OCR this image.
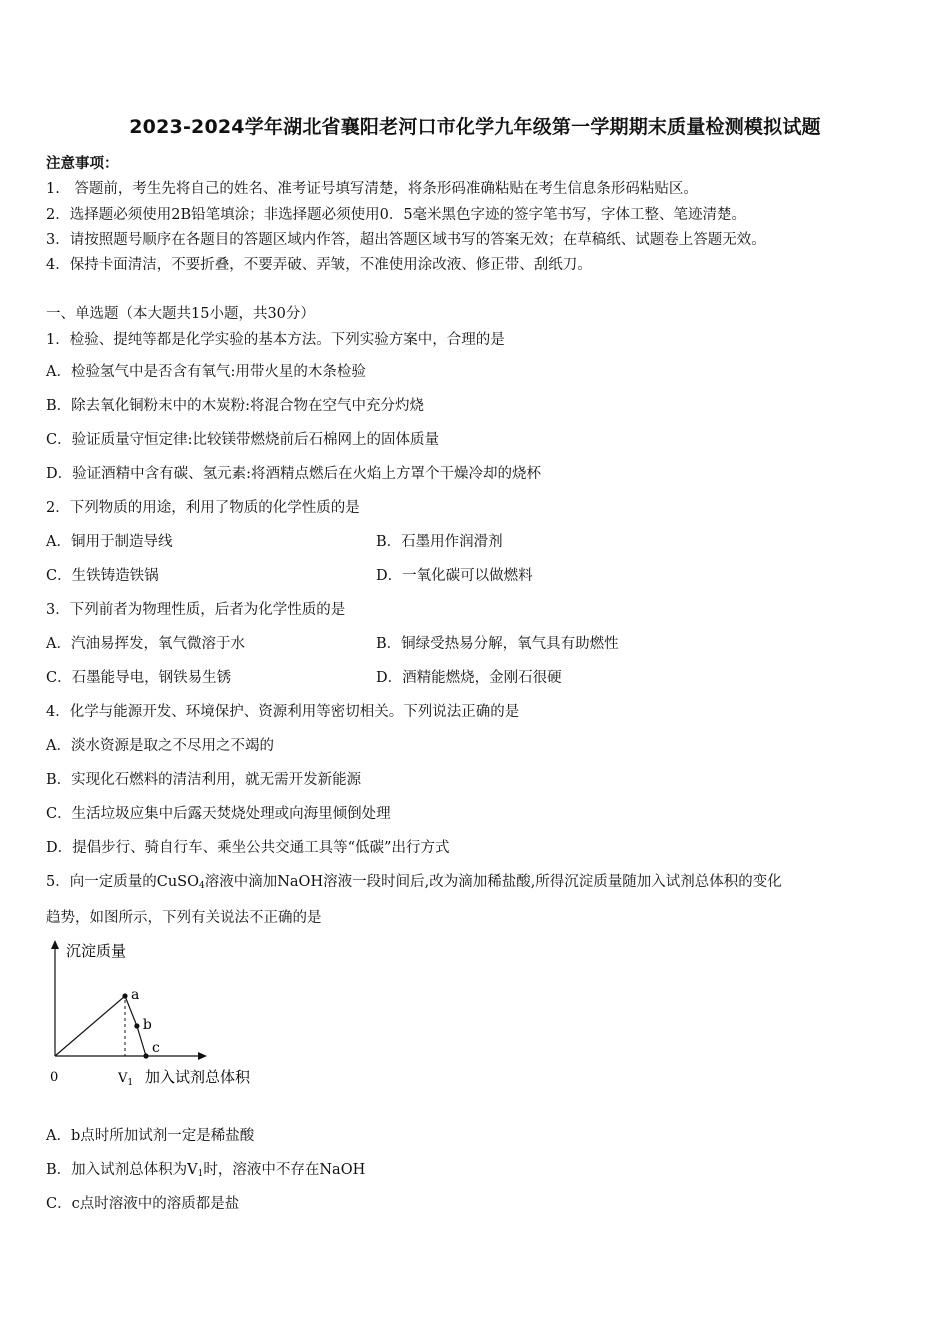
2023-2024学年湖北省襄阳老河口市化学九年级第一学期期末质量检测模拟试题
注意事项：
1.　答题前，考生先将自己的姓名、准考证号填写清楚，将条形码准确粘贴在考生信息条形码粘贴区。
2．选择题必须使用2B铅笔填涂；非选择题必须使用0．5毫米黑色字迹的签字笔书写，字体工整、笔迹清楚。
3．请按照题号顺序在各题目的答题区域内作答，超出答题区域书写的答案无效；在草稿纸、试题卷上答题无效。
4．保持卡面清洁，不要折叠，不要弄破、弄皱，不准使用涂改液、修正带、刮纸刀。
一、单选题（本大题共15小题，共30分）
1．检验、提纯等都是化学实验的基本方法。下列实验方案中，合理的是
A．检验氢气中是否含有氧气:用带火星的木条检验
B．除去氧化铜粉末中的木炭粉:将混合物在空气中充分灼烧
C．验证质量守恒定律:比较镁带燃烧前后石棉网上的固体质量
D．验证酒精中含有碳、氢元素:将酒精点燃后在火焰上方罩个干燥冷却的烧杯
2．下列物质的用途，利用了物质的化学性质的是
A．铜用于制造导线	B．石墨用作润滑剂
C．生铁铸造铁锅	D．一氧化碳可以做燃料
3．下列前者为物理性质，后者为化学性质的是
A．汽油易挥发，氧气微溶于水	B．铜绿受热易分解，氧气具有助燃性
C．石墨能导电，钢铁易生锈	D．酒精能燃烧，金刚石很硬
4．化学与能源开发、环境保护、资源利用等密切相关。下列说法正确的是
A．淡水资源是取之不尽用之不竭的
B．实现化石燃料的清洁利用，就无需开发新能源
C．生活垃圾应集中后露天焚烧处理或向海里倾倒处理
D．提倡步行、骑自行车、乘坐公共交通工具等“低碳”出行方式
5．向一定质量的CuSO$_4$溶液中滴加NaOH溶液一段时间后,改为滴加稀盐酸,所得沉淀质量随加入试剂总体积的变化
趋势，如图所示，下列有关说法不正确的是
a
b
c
沉淀质量
0	$V_1$ 加入试剂总体积
A．b点时所加试剂一定是稀盐酸
B．加入试剂总体积为$V_1$时，溶液中不存在NaOH
C．c点时溶液中的溶质都是盐
